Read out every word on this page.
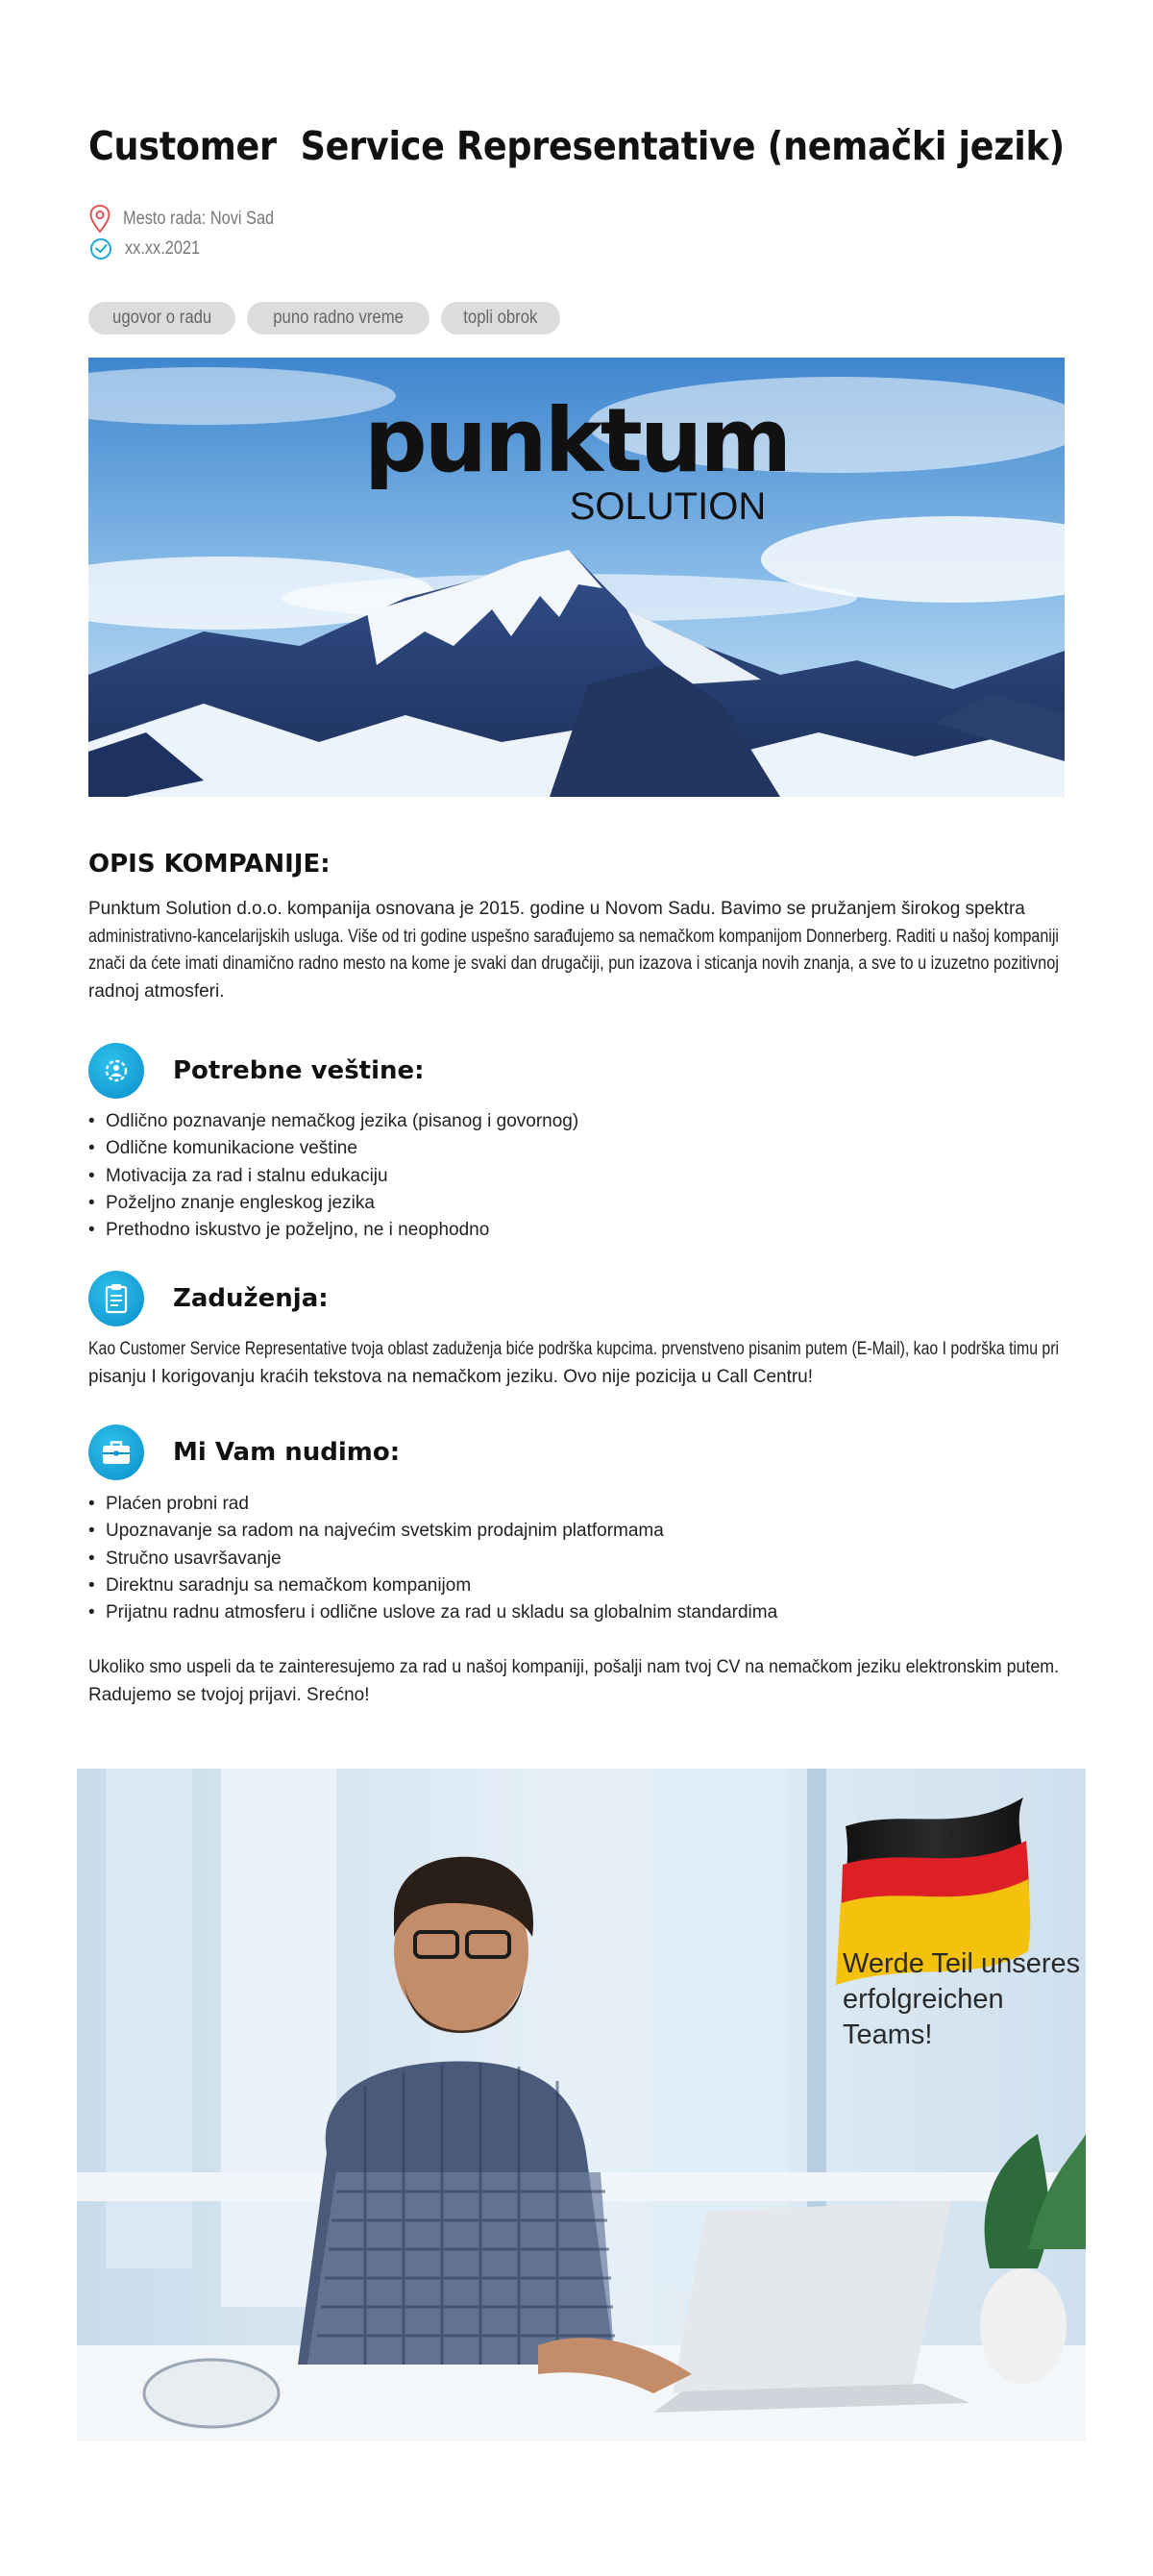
Customer  Service Representative (nemački jezik)
Mesto rada: Novi Sad
xx.xx.2021
ugovor o radu	puno radno vreme	topli obrok
punktum
SOLUTION
OPIS KOMPANIJE:
Punktum Solution d.o.o. kompanija osnovana je 2015. godine u Novom Sadu. Bavimo se pružanjem širokog spektra
administrativno-kancelarijskih usluga. Više od tri godine uspešno sarađujemo sa nemačkom kompanijom Donnerberg. Raditi u našoj kompaniji
znači da ćete imati dinamično radno mesto na kome je svaki dan drugačiji, pun izazova i sticanja novih znanja, a sve to u izuzetno pozitivnoj
radnoj atmosferi.
Potrebne veštine:
• Odlično poznavanje nemačkog jezika (pisanog i govornog)
• Odlične komunikacione veštine
• Motivacija za rad i stalnu edukaciju
• Poželjno znanje engleskog jezika
• Prethodno iskustvo je poželjno, ne i neophodno
Zaduženja:
Kao Customer Service Representative tvoja oblast zaduženja biće podrška kupcima. prvenstveno pisanim putem (E-Mail), kao I podrška timu pri
pisanju I korigovanju kraćih tekstova na nemačkom jeziku. Ovo nije pozicija u Call Centru!
Mi Vam nudimo:
• Plaćen probni rad
• Upoznavanje sa radom na najvećim svetskim prodajnim platformama
• Stručno usavršavanje
• Direktnu saradnju sa nemačkom kompanijom
• Prijatnu radnu atmosferu i odlične uslove za rad u skladu sa globalnim standardima
Ukoliko smo uspeli da te zainteresujemo za rad u našoj kompaniji, pošalji nam tvoj CV na nemačkom jeziku elektronskim putem.
Radujemo se tvojoj prijavi. Srećno!
Werde Teil unseres
erfolgreichen Teams!
